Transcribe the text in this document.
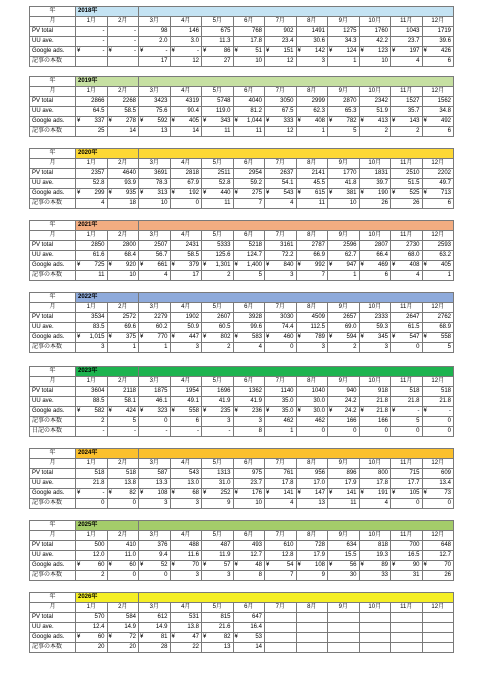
年	2018年											
月	1月	2月	3月	4月	5月	6月	7月	8月	9月	10月	11月	12月
PV total	-	-	98	146	675	768	902	1491	1275	1760	1043	1719
UU ave.	-	-	2.0	3.0	11.3	17.8	23.4	30.6	34.3	42.2	23.7	39.6
Google ads.	¥ -	¥ -	¥ -	¥ -	¥ 86	¥ 51	¥ 151	¥ 142	¥ 124	¥ 123	¥ 197	¥ 426
記事の本数			17	12	27	10	12	3	1	10	4	6
年	2019年											
月	1月	2月	3月	4月	5月	6月	7月	8月	9月	10月	11月	12月
PV total	2866	2268	3423	4319	5748	4040	3050	2999	2870	2342	1527	1562
UU ave.	64.5	58.5	75.6	90.4	119.0	81.2	67.5	62.3	65.3	51.9	35.7	34.8
Google ads.	¥ 337	¥ 278	¥ 592	¥ 405	¥ 343	¥ 1,044	¥ 333	¥ 408	¥ 782	¥ 413	¥ 143	¥ 492
記事の本数	25	14	13	14	11	11	12	1	5	2	2	6
年	2020年											
月	1月	2月	3月	4月	5月	6月	7月	8月	9月	10月	11月	12月
PV total	2357	4640	3691	2818	2511	2954	2637	2141	1770	1831	2510	2202
UU ave.	52.8	93.9	78.3	67.9	52.8	59.2	54.1	45.5	41.8	39.7	51.5	49.7
Google ads.	¥ 299	¥ 935	¥ 313	¥ 192	¥ 440	¥ 275	¥ 543	¥ 615	¥ 381	¥ 190	¥ 525	¥ 713
記事の本数	4	18	10	0	11	7	4	11	10	26	26	6
年	2021年											
月	1月	2月	3月	4月	5月	6月	7月	8月	9月	10月	11月	12月
PV total	2850	2800	2507	2431	5333	5218	3161	2787	2596	2807	2730	2593
UU ave.	61.6	68.4	56.7	58.5	125.6	124.7	72.2	66.9	62.7	66.4	68.0	63.2
Google ads.	¥ 725	¥ 920	¥ 661	¥ 379	¥ 1,301	¥ 1,400	¥ 840	¥ 992	¥ 947	¥ 469	¥ 408	¥ 405
記事の本数	11	10	4	17	2	5	3	7	1	6	4	1
年	2022年											
月	1月	2月	3月	4月	5月	6月	7月	8月	9月	10月	11月	12月
PV total	3534	2572	2279	1902	2607	3928	3030	4509	2657	2333	2647	2762
UU ave.	83.5	69.6	60.2	50.9	60.5	99.6	74.4	112.5	69.0	59.3	61.5	68.9
Google ads.	¥ 1,015	¥ 375	¥ 770	¥ 447	¥ 802	¥ 583	¥ 460	¥ 789	¥ 594	¥ 345	¥ 547	¥ 558
記事の本数	3	1	1	3	2	4	0	3	2	3	0	5
年	2023年											
月	1月	2月	3月	4月	5月	6月	7月	8月	9月	10月	11月	12月
PV total	3604	2118	1875	1954	1696	1362	1140	1040	940	918	518	518
UU ave.	88.5	58.1	46.1	49.1	41.9	41.9	35.0	30.0	24.2	21.8	21.8	21.8
Google ads.	¥ 582	¥ 424	¥ 323	¥ 558	¥ 235	¥ 236	¥ 35.0	¥ 30.0	¥ 24.2	¥ 21.8	¥ -	¥ -
記事の本数	2	5	0	6	3	3	462	462	166	166	5	0
日記の本数	-	-	-	-	-	8	1	0	0	0	0	0
年	2024年											
月	1月	2月	3月	4月	5月	6月	7月	8月	9月	10月	11月	12月
PV total	518	518	587	543	1313	975	761	956	896	800	715	609
UU ave.	21.8	13.8	13.3	13.0	31.0	23.7	17.8	17.0	17.9	17.8	17.7	13.4
Google ads.	¥ -	¥ 82	¥ 108	¥ 68	¥ 252	¥ 176	¥ 141	¥ 147	¥ 141	¥ 191	¥ 105	¥ 73
記事の本数	0	0	3	3	9	10	4	13	11	4	0	0
年	2025年											
月	1月	2月	3月	4月	5月	6月	7月	8月	9月	10月	11月	12月
PV total	500	410	376	488	487	493	610	728	634	818	700	648
UU ave.	12.0	11.0	9.4	11.6	11.9	12.7	12.8	17.9	15.5	19.3	16.5	12.7
Google ads.	¥ 60	¥ 60	¥ 52	¥ 70	¥ 57	¥ 48	¥ 54	¥ 108	¥ 56	¥ 89	¥ 90	¥ 70
記事の本数	2	0	0	3	3	8	7	9	30	33	31	26
年	2026年											
月	1月	2月	3月	4月	5月	6月	7月	8月	9月	10月	11月	12月
PV total	570	584	612	531	815	647						
UU ave.	12.4	14.9	14.9	13.8	21.6	16.4						
Google ads.	¥ 60	¥ 72	¥ 81	¥ 47	¥ 82	¥ 53						
記事の本数	20	20	28	22	13	14						
